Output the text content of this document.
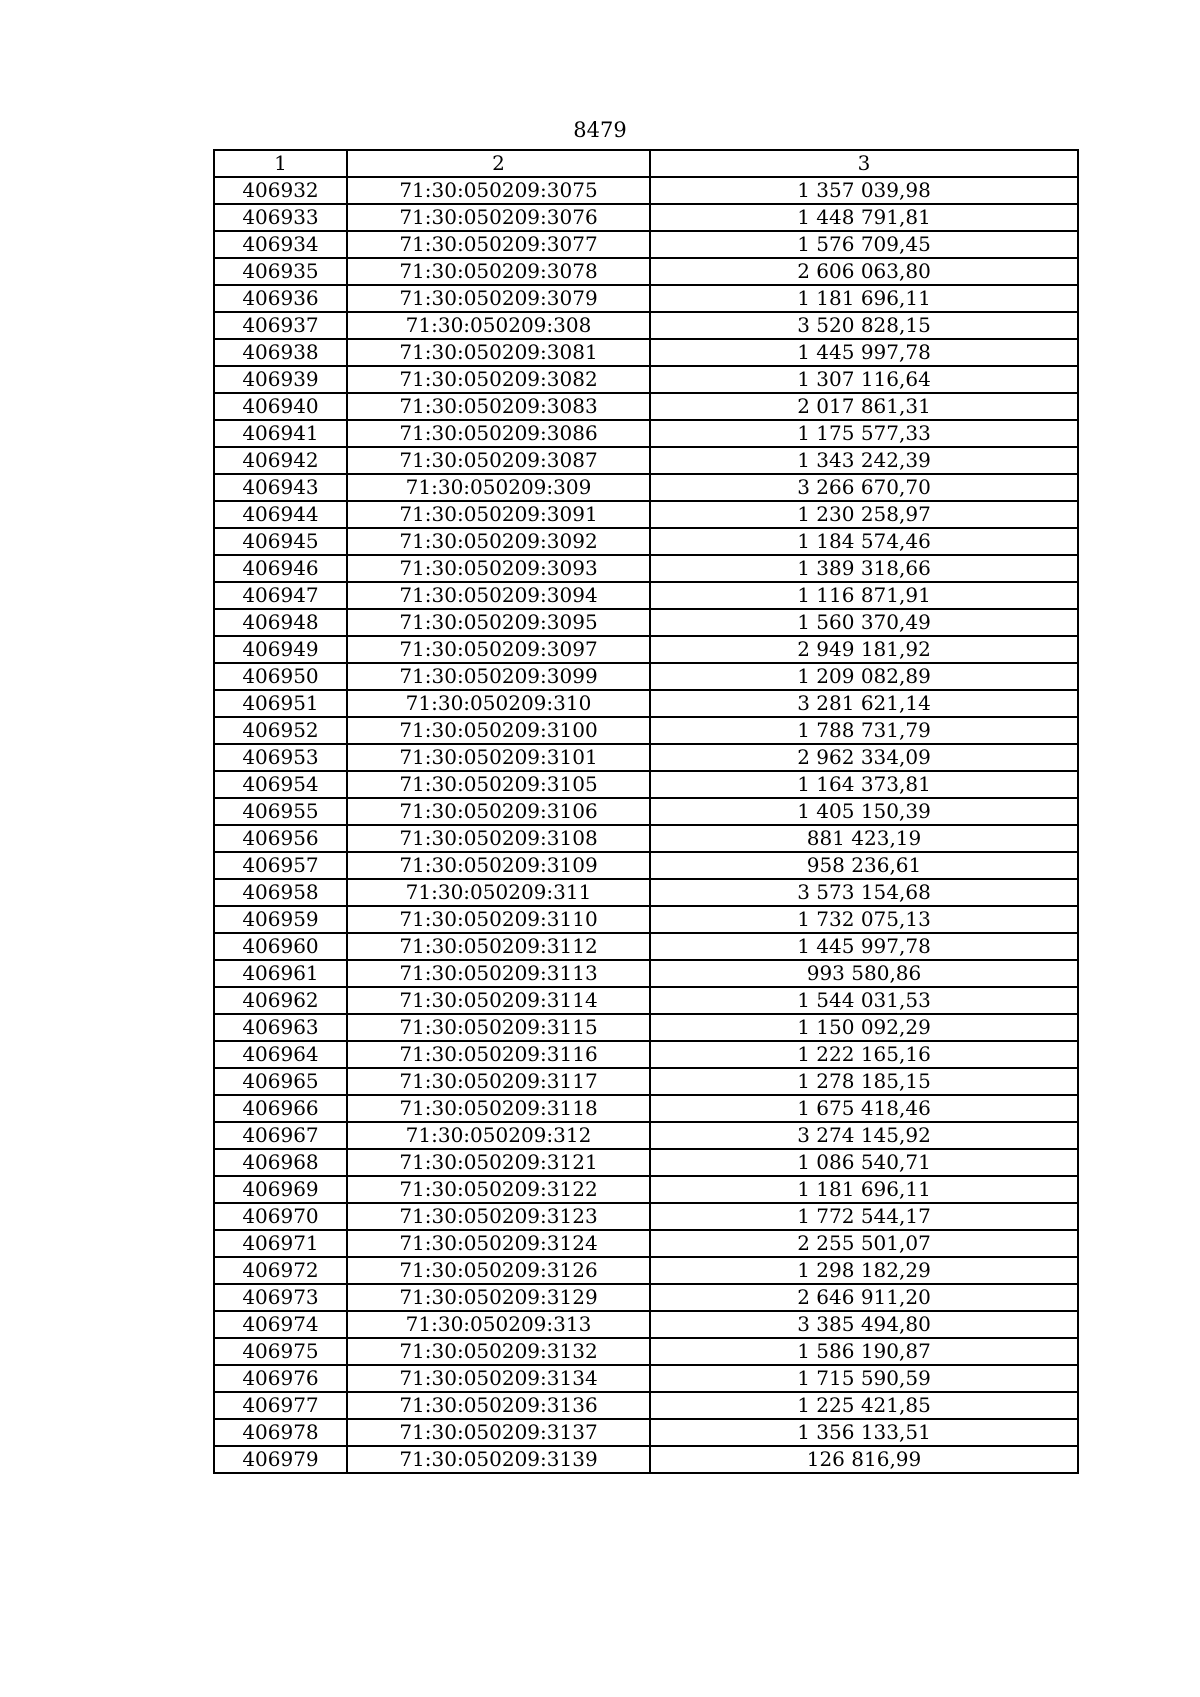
8479
1	2	3
406932	71:30:050209:3075	1 357 039,98
406933	71:30:050209:3076	1 448 791,81
406934	71:30:050209:3077	1 576 709,45
406935	71:30:050209:3078	2 606 063,80
406936	71:30:050209:3079	1 181 696,11
406937	71:30:050209:308	3 520 828,15
406938	71:30:050209:3081	1 445 997,78
406939	71:30:050209:3082	1 307 116,64
406940	71:30:050209:3083	2 017 861,31
406941	71:30:050209:3086	1 175 577,33
406942	71:30:050209:3087	1 343 242,39
406943	71:30:050209:309	3 266 670,70
406944	71:30:050209:3091	1 230 258,97
406945	71:30:050209:3092	1 184 574,46
406946	71:30:050209:3093	1 389 318,66
406947	71:30:050209:3094	1 116 871,91
406948	71:30:050209:3095	1 560 370,49
406949	71:30:050209:3097	2 949 181,92
406950	71:30:050209:3099	1 209 082,89
406951	71:30:050209:310	3 281 621,14
406952	71:30:050209:3100	1 788 731,79
406953	71:30:050209:3101	2 962 334,09
406954	71:30:050209:3105	1 164 373,81
406955	71:30:050209:3106	1 405 150,39
406956	71:30:050209:3108	881 423,19
406957	71:30:050209:3109	958 236,61
406958	71:30:050209:311	3 573 154,68
406959	71:30:050209:3110	1 732 075,13
406960	71:30:050209:3112	1 445 997,78
406961	71:30:050209:3113	993 580,86
406962	71:30:050209:3114	1 544 031,53
406963	71:30:050209:3115	1 150 092,29
406964	71:30:050209:3116	1 222 165,16
406965	71:30:050209:3117	1 278 185,15
406966	71:30:050209:3118	1 675 418,46
406967	71:30:050209:312	3 274 145,92
406968	71:30:050209:3121	1 086 540,71
406969	71:30:050209:3122	1 181 696,11
406970	71:30:050209:3123	1 772 544,17
406971	71:30:050209:3124	2 255 501,07
406972	71:30:050209:3126	1 298 182,29
406973	71:30:050209:3129	2 646 911,20
406974	71:30:050209:313	3 385 494,80
406975	71:30:050209:3132	1 586 190,87
406976	71:30:050209:3134	1 715 590,59
406977	71:30:050209:3136	1 225 421,85
406978	71:30:050209:3137	1 356 133,51
406979	71:30:050209:3139	126 816,99
